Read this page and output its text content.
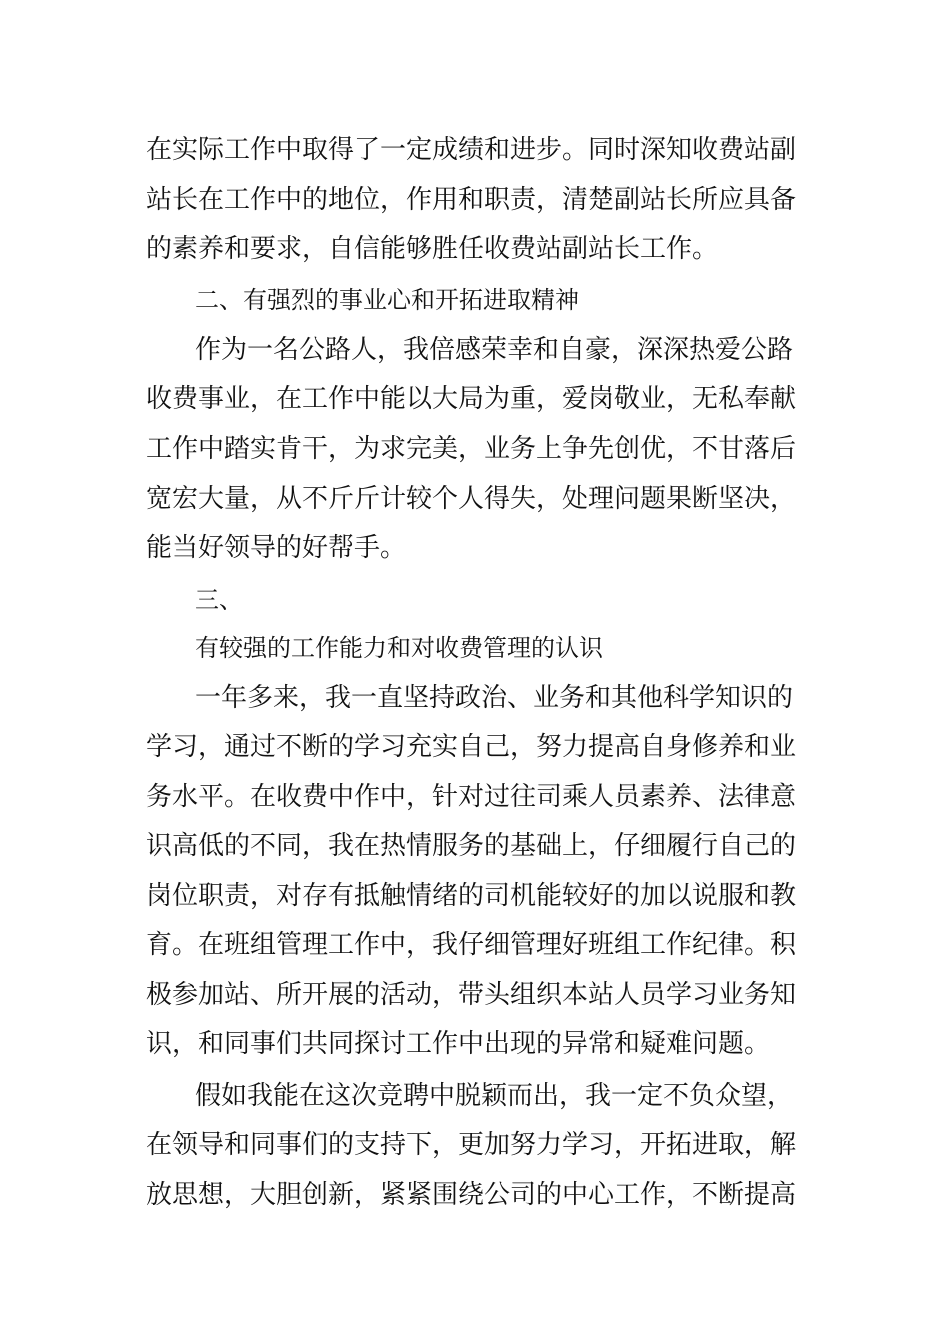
在实际工作中取得了一定成绩和进步。同时深知收费站副
站长在工作中的地位，作用和职责，清楚副站长所应具备
的素养和要求，自信能够胜任收费站副站长工作。
二、有强烈的事业心和开拓进取精神
作为一名公路人，我倍感荣幸和自豪，深深热爱公路
收费事业，在工作中能以大局为重，爱岗敬业，无私奉献
工作中踏实肯干，为求完美，业务上争先创优，不甘落后
宽宏大量，从不斤斤计较个人得失，处理问题果断坚决，
能当好领导的好帮手。
三、
有较强的工作能力和对收费管理的认识
一年多来，我一直坚持政治、业务和其他科学知识的
学习，通过不断的学习充实自己，努力提高自身修养和业
务水平。在收费中作中，针对过往司乘人员素养、法律意
识高低的不同，我在热情服务的基础上，仔细履行自己的
岗位职责，对存有抵触情绪的司机能较好的加以说服和教
育。在班组管理工作中，我仔细管理好班组工作纪律。积
极参加站、所开展的活动，带头组织本站人员学习业务知
识，和同事们共同探讨工作中出现的异常和疑难问题。
假如我能在这次竞聘中脱颖而出，我一定不负众望，
在领导和同事们的支持下，更加努力学习，开拓进取，解
放思想，大胆创新，紧紧围绕公司的中心工作，不断提高
